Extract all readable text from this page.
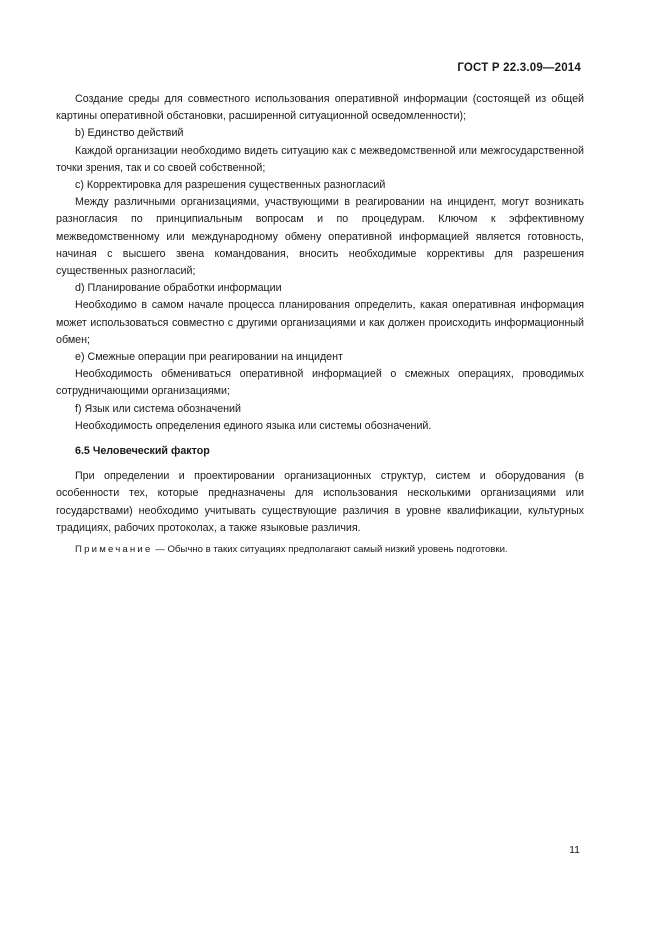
ГОСТ Р 22.3.09—2014

Создание среды для совместного использования оперативной информации (состоящей из общей картины оперативной обстановки, расширенной ситуационной осведомленности);

b) Единство действий

Каждой организации необходимо видеть ситуацию как с межведомственной или межгосударственной точки зрения, так и со своей собственной;

c) Корректировка для разрешения существенных разногласий

Между различными организациями, участвующими в реагировании на инцидент, могут возникать разногласия по принципиальным вопросам и по процедурам. Ключом к эффективному межведомственному или международному обмену оперативной информацией является готовность, начиная с высшего звена командования, вносить необходимые коррективы для разрешения существенных разногласий;

d) Планирование обработки информации

Необходимо в самом начале процесса планирования определить, какая оперативная информация может использоваться совместно с другими организациями и как должен происходить информационный обмен;

e) Смежные операции при реагировании на инцидент

Необходимость обмениваться оперативной информацией о смежных операциях, проводимых сотрудничающими организациями;

f) Язык или система обозначений

Необходимость определения единого языка или системы обозначений.

6.5 Человеческий фактор

При определении и проектировании организационных структур, систем и оборудования (в особенности тех, которые предназначены для использования несколькими организациями или государствами) необходимо учитывать существующие различия в уровне квалификации, культурных традициях, рабочих протоколах, а также языковые различия.

Примечание — Обычно в таких ситуациях предполагают самый низкий уровень подготовки.

11
